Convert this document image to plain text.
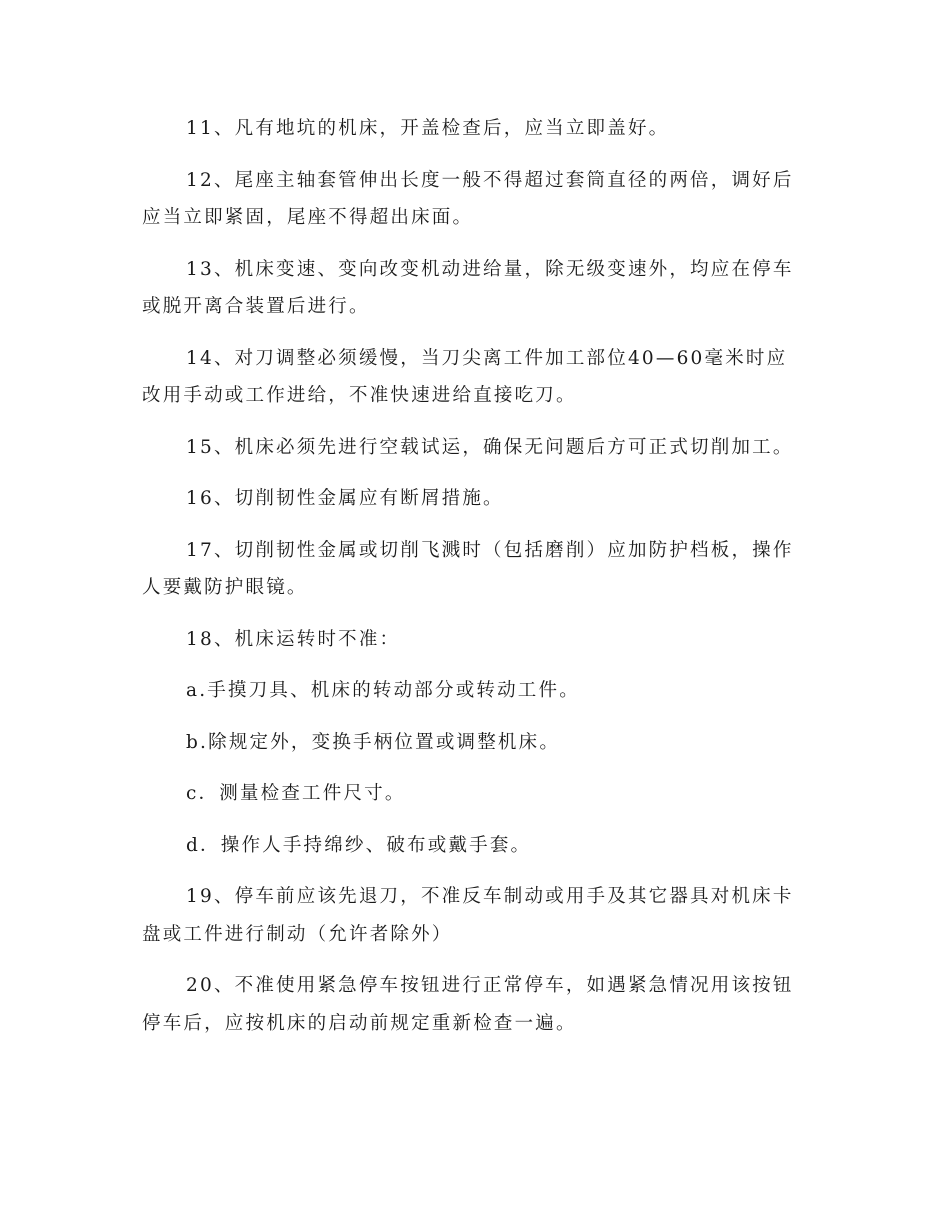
11、凡有地坑的机床，开盖检查后，应当立即盖好。

12、尾座主轴套管伸出长度一般不得超过套筒直径的两倍，调好后应当立即紧固，尾座不得超出床面。

13、机床变速、变向改变机动进给量，除无级变速外，均应在停车或脱开离合装置后进行。

14、对刀调整必须缓慢，当刀尖离工件加工部位40—60毫米时应改用手动或工作进给，不准快速进给直接吃刀。

15、机床必须先进行空载试运，确保无问题后方可正式切削加工。

16、切削韧性金属应有断屑措施。

17、切削韧性金属或切削飞溅时（包括磨削）应加防护档板，操作人要戴防护眼镜。

18、机床运转时不准：

a.手摸刀具、机床的转动部分或转动工件。

b.除规定外，变换手柄位置或调整机床。

c．测量检查工件尺寸。

d．操作人手持绵纱、破布或戴手套。

19、停车前应该先退刀，不准反车制动或用手及其它器具对机床卡盘或工件进行制动（允许者除外）

20、不准使用紧急停车按钮进行正常停车，如遇紧急情况用该按钮停车后，应按机床的启动前规定重新检查一遍。
